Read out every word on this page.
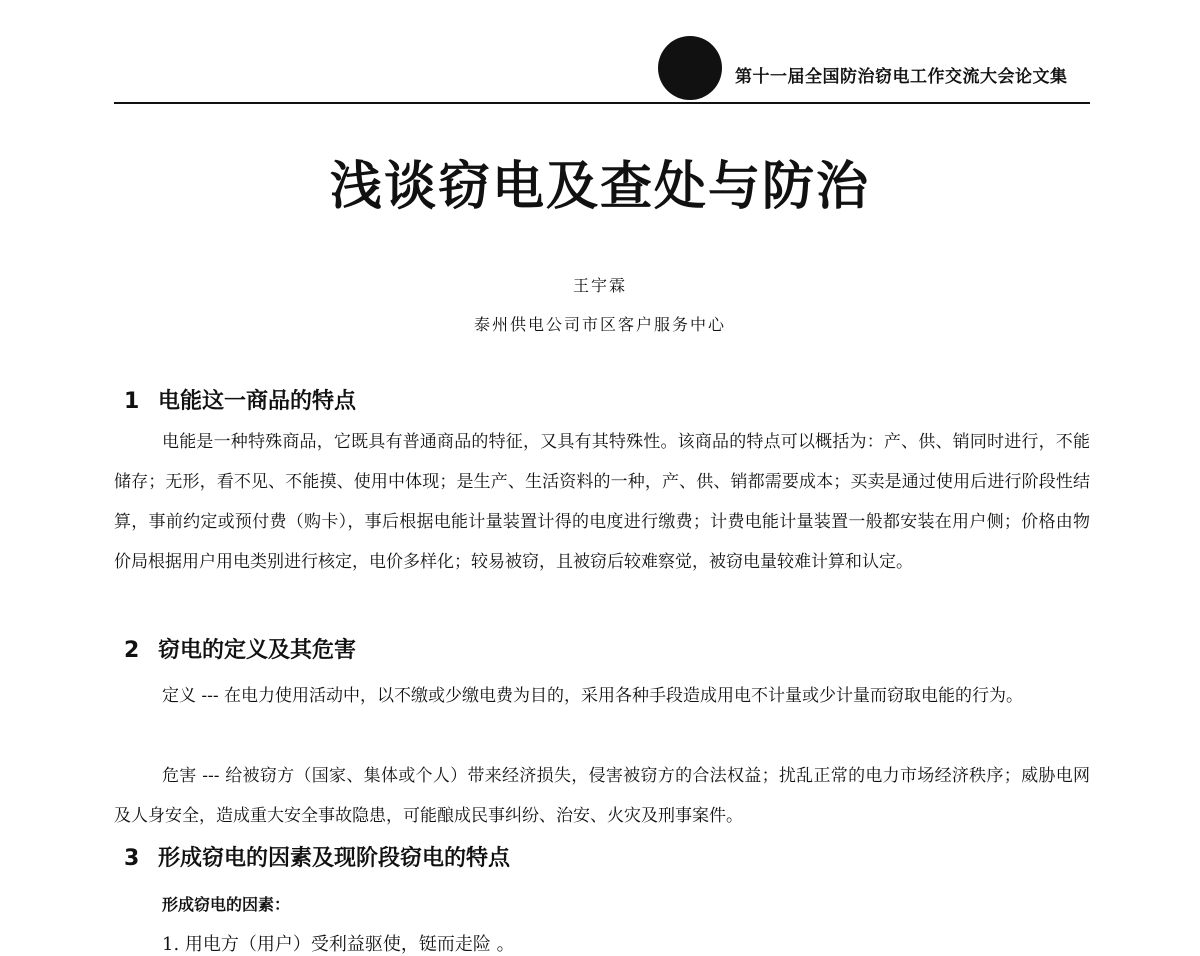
第十一届全国防治窃电工作交流大会论文集
浅谈窃电及查处与防治
王宇霖
泰州供电公司市区客户服务中心
1 电能这一商品的特点

电能是一种特殊商品，它既具有普通商品的特征，又具有其特殊性。该商品的特点可以概括为：产、供、销同时进行，不能储存；无形，看不见、不能摸、使用中体现；是生产、生活资料的一种，产、供、销都需要成本；买卖是通过使用后进行阶段性结算，事前约定或预付费（购卡），事后根据电能计量装置计得的电度进行缴费；计费电能计量装置一般都安装在用户侧；价格由物价局根据用户用电类别进行核定，电价多样化；较易被窃，且被窃后较难察觉，被窃电量较难计算和认定。

2 窃电的定义及其危害

定义 --- 在电力使用活动中，以不缴或少缴电费为目的，采用各种手段造成用电不计量或少计量而窃取电能的行为。

危害 --- 给被窃方（国家、集体或个人）带来经济损失，侵害被窃方的合法权益；扰乱正常的电力市场经济秩序；威胁电网及人身安全，造成重大安全事故隐患，可能酿成民事纠纷、治安、火灾及刑事案件。

3 形成窃电的因素及现阶段窃电的特点
形成窃电的因素：
1. 用电方（用户）受利益驱使，铤而走险 。
